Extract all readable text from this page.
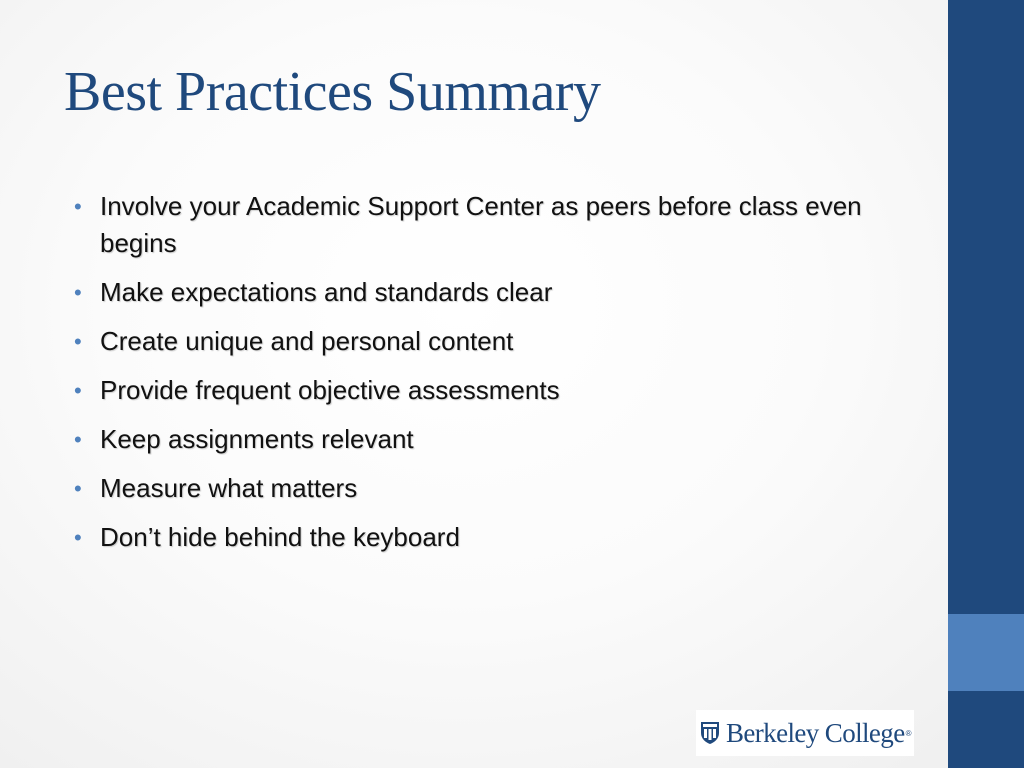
Best Practices Summary
• Involve your Academic Support Center as peers before class even begins
• Make expectations and standards clear
• Create unique and personal content
• Provide frequent objective assessments
• Keep assignments relevant
• Measure what matters
• Don’t hide behind the keyboard
Berkeley College ®
